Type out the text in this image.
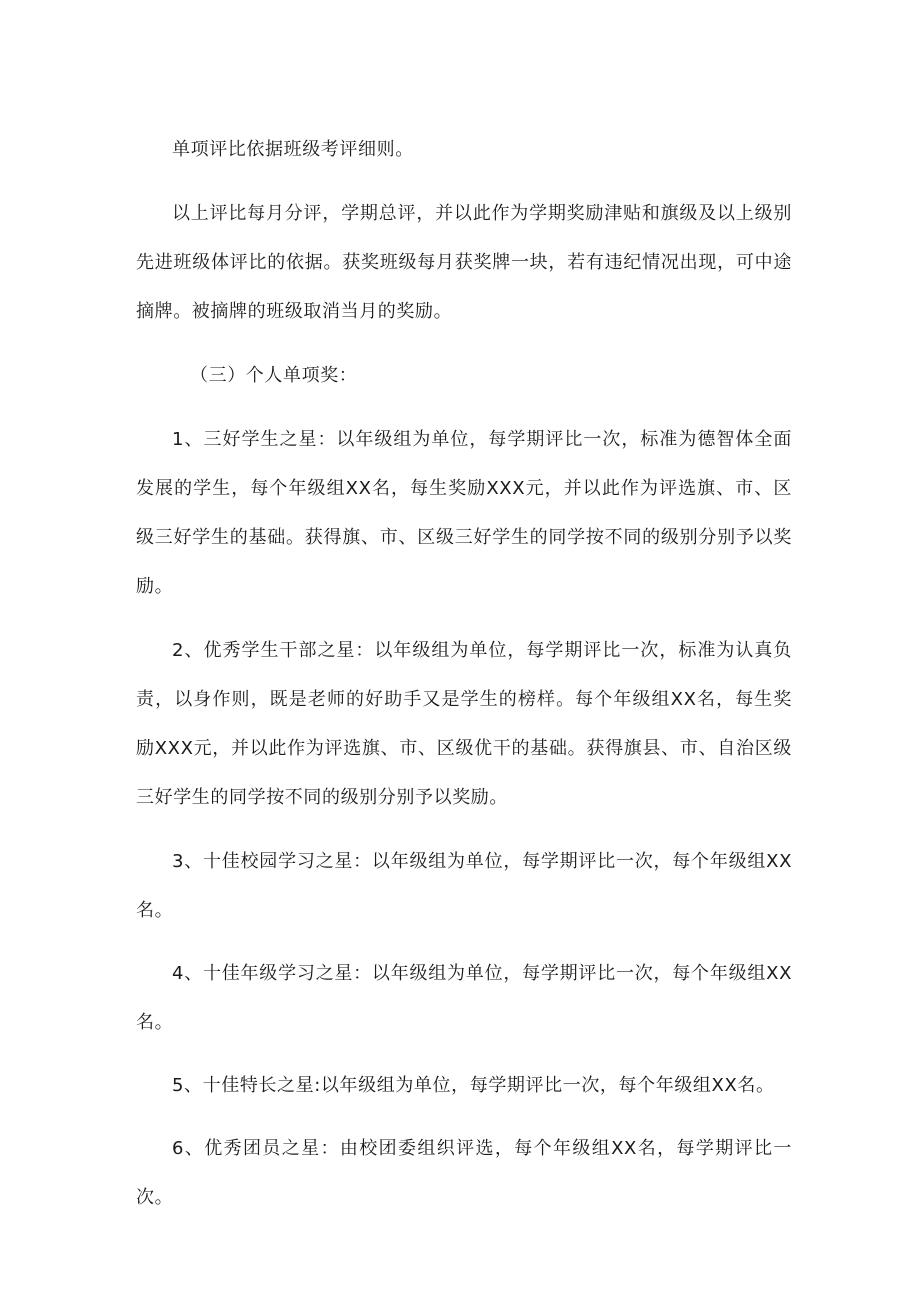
单项评比依据班级考评细则。

以上评比每月分评，学期总评，并以此作为学期奖励津贴和旗级及以上级别先进班级体评比的依据。获奖班级每月获奖牌一块，若有违纪情况出现，可中途摘牌。被摘牌的班级取消当月的奖励。

（三）个人单项奖：

1、三好学生之星：以年级组为单位，每学期评比一次，标准为德智体全面发展的学生，每个年级组XX名，每生奖励XXX元，并以此作为评选旗、市、区级三好学生的基础。获得旗、市、区级三好学生的同学按不同的级别分别予以奖励。

2、优秀学生干部之星：以年级组为单位，每学期评比一次，标准为认真负责，以身作则，既是老师的好助手又是学生的榜样。每个年级组XX名，每生奖励XXX元，并以此作为评选旗、市、区级优干的基础。获得旗县、市、自治区级三好学生的同学按不同的级别分别予以奖励。

3、十佳校园学习之星：以年级组为单位，每学期评比一次，每个年级组XX名。

4、十佳年级学习之星：以年级组为单位，每学期评比一次，每个年级组XX名。

5、十佳特长之星:以年级组为单位，每学期评比一次，每个年级组XX名。

6、优秀团员之星：由校团委组织评选，每个年级组XX名，每学期评比一次。
